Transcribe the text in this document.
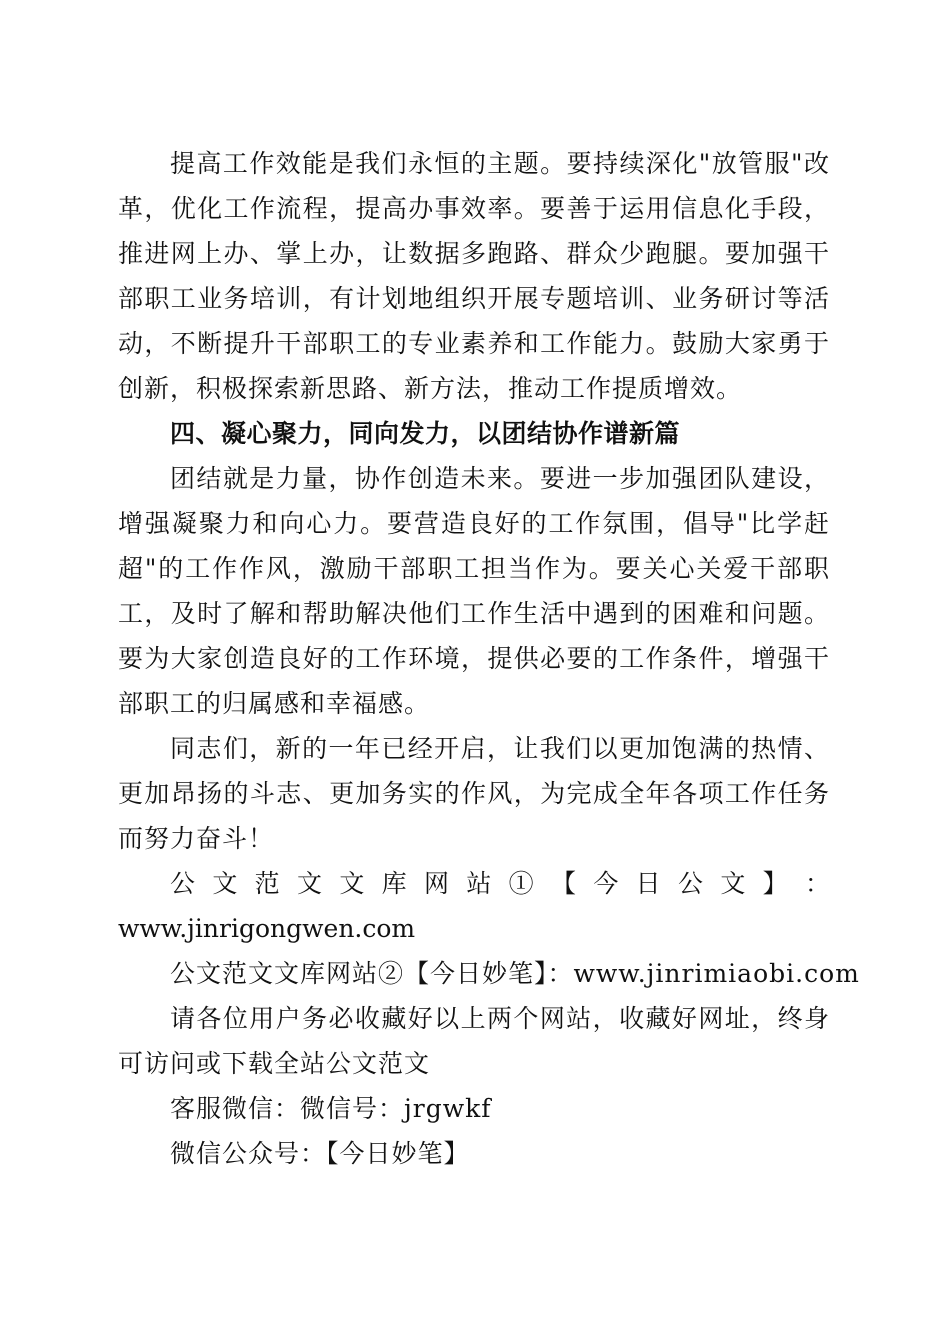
提高工作效能是我们永恒的主题。要持续深化"放管服"改革，优化工作流程，提高办事效率。要善于运用信息化手段，推进网上办、掌上办，让数据多跑路、群众少跑腿。要加强干部职工业务培训，有计划地组织开展专题培训、业务研讨等活动，不断提升干部职工的专业素养和工作能力。鼓励大家勇于创新，积极探索新思路、新方法，推动工作提质增效。

四、凝心聚力，同向发力，以团结协作谱新篇

团结就是力量，协作创造未来。要进一步加强团队建设，增强凝聚力和向心力。要营造良好的工作氛围，倡导"比学赶超"的工作作风，激励干部职工担当作为。要关心关爱干部职工，及时了解和帮助解决他们工作生活中遇到的困难和问题。要为大家创造良好的工作环境，提供必要的工作条件，增强干部职工的归属感和幸福感。

同志们，新的一年已经开启，让我们以更加饱满的热情、更加昂扬的斗志、更加务实的作风，为完成全年各项工作任务而努力奋斗！

公 文 范 文 文 库 网 站 ① 【 今 日 公 文 】 ：

www.jinrigongwen.com

公文范文文库网站②【今日妙笔】：www.jinrimiaobi.com

请各位用户务必收藏好以上两个网站，收藏好网址，终身可访问或下载全站公文范文

客服微信：微信号：jrgwkf

微信公众号：【今日妙笔】
